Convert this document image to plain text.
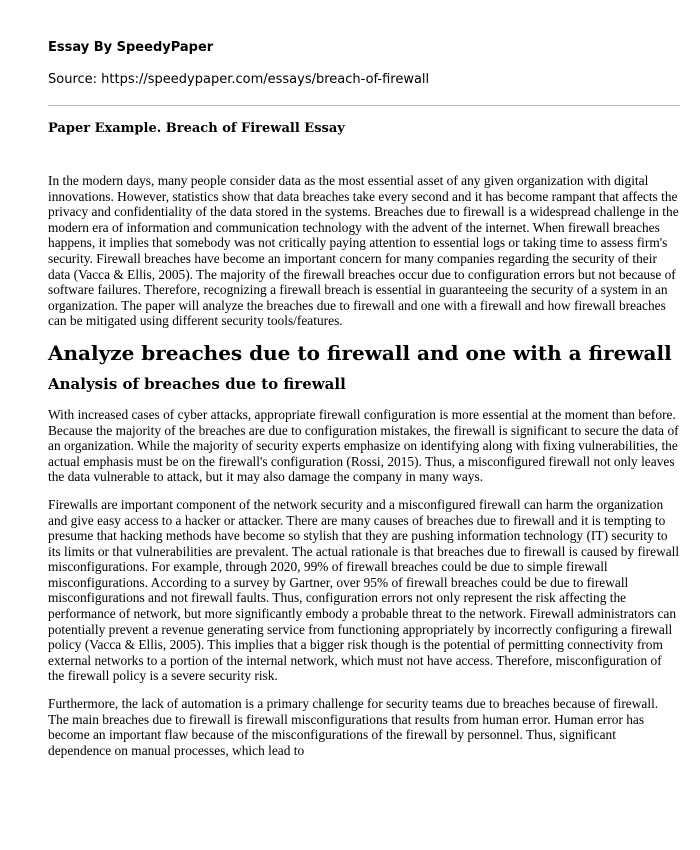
Essay By SpeedyPaper
Source: https://speedypaper.com/essays/breach-of-firewall
Paper Example. Breach of Firewall Essay

In the modern days, many people consider data as the most essential asset of any given organization with digital innovations. However, statistics show that data breaches take every second and it has become rampant that affects the privacy and confidentiality of the data stored in the systems. Breaches due to firewall is a widespread challenge in the modern era of information and communication technology with the advent of the internet. When firewall breaches happens, it implies that somebody was not critically paying attention to essential logs or taking time to assess firm's security. Firewall breaches have become an important concern for many companies regarding the security of their data (Vacca & Ellis, 2005). The majority of the firewall breaches occur due to configuration errors but not because of software failures. Therefore, recognizing a firewall breach is essential in guaranteeing the security of a system in an organization. The paper will analyze the breaches due to firewall and one with a firewall and how firewall breaches can be mitigated using different security tools/features.

Analyze breaches due to firewall and one with a firewall
Analysis of breaches due to firewall

With increased cases of cyber attacks, appropriate firewall configuration is more essential at the moment than before. Because the majority of the breaches are due to configuration mistakes, the firewall is significant to secure the data of an organization. While the majority of security experts emphasize on identifying along with fixing vulnerabilities, the actual emphasis must be on the firewall's configuration (Rossi, 2015). Thus, a misconfigured firewall not only leaves the data vulnerable to attack, but it may also damage the company in many ways.

Firewalls are important component of the network security and a misconfigured firewall can harm the organization and give easy access to a hacker or attacker. There are many causes of breaches due to firewall and it is tempting to presume that hacking methods have become so stylish that they are pushing information technology (IT) security to its limits or that vulnerabilities are prevalent. The actual rationale is that breaches due to firewall is caused by firewall misconfigurations. For example, through 2020, 99% of firewall breaches could be due to simple firewall misconfigurations. According to a survey by Gartner, over 95% of firewall breaches could be due to firewall misconfigurations and not firewall faults. Thus, configuration errors not only represent the risk affecting the performance of network, but more significantly embody a probable threat to the network. Firewall administrators can potentially prevent a revenue generating service from functioning appropriately by incorrectly configuring a firewall policy (Vacca & Ellis, 2005). This implies that a bigger risk though is the potential of permitting connectivity from external networks to a portion of the internal network, which must not have access. Therefore, misconfiguration of the firewall policy is a severe security risk.

Furthermore, the lack of automation is a primary challenge for security teams due to breaches because of firewall. The main breaches due to firewall is firewall misconfigurations that results from human error. Human error has become an important flaw because of the misconfigurations of the firewall by personnel. Thus, significant dependence on manual processes, which lead to
